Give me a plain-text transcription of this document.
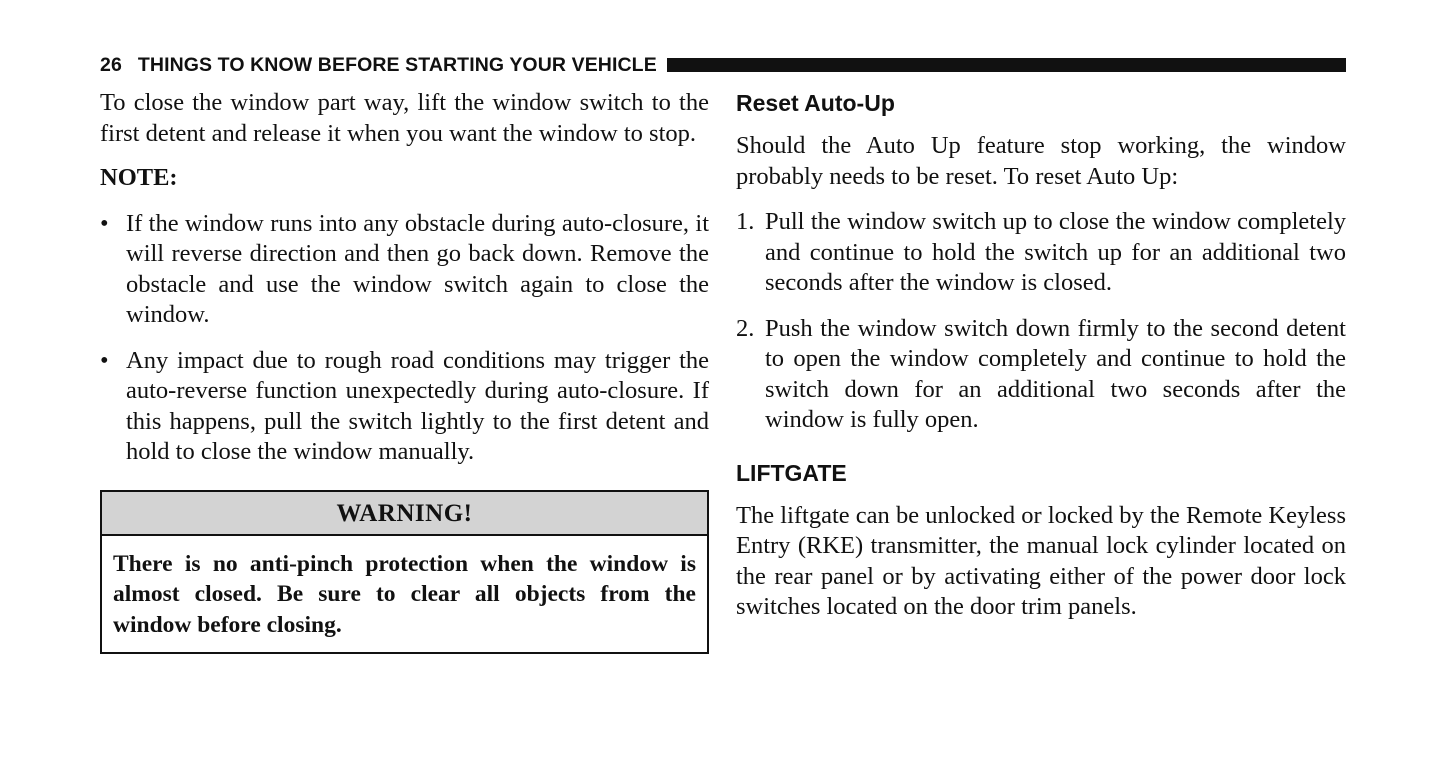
26 THINGS TO KNOW BEFORE STARTING YOUR VEHICLE

To close the window part way, lift the window switch to the first detent and release it when you want the window to stop.

NOTE:

• If the window runs into any obstacle during auto-closure, it will reverse direction and then go back down. Remove the obstacle and use the window switch again to close the window.
• Any impact due to rough road conditions may trigger the auto-reverse function unexpectedly during auto-closure. If this happens, pull the switch lightly to the first detent and hold to close the window manually.
WARNING!
There is no anti-pinch protection when the window is almost closed. Be sure to clear all objects from the window before closing.
Reset Auto-Up

Should the Auto Up feature stop working, the window probably needs to be reset. To reset Auto Up:

1. Pull the window switch up to close the window completely and continue to hold the switch up for an additional two seconds after the window is closed.
2. Push the window switch down firmly to the second detent to open the window completely and continue to hold the switch down for an additional two seconds after the window is fully open.
LIFTGATE

The liftgate can be unlocked or locked by the Remote Keyless Entry (RKE) transmitter, the manual lock cylinder located on the rear panel or by activating either of the power door lock switches located on the door trim panels.
